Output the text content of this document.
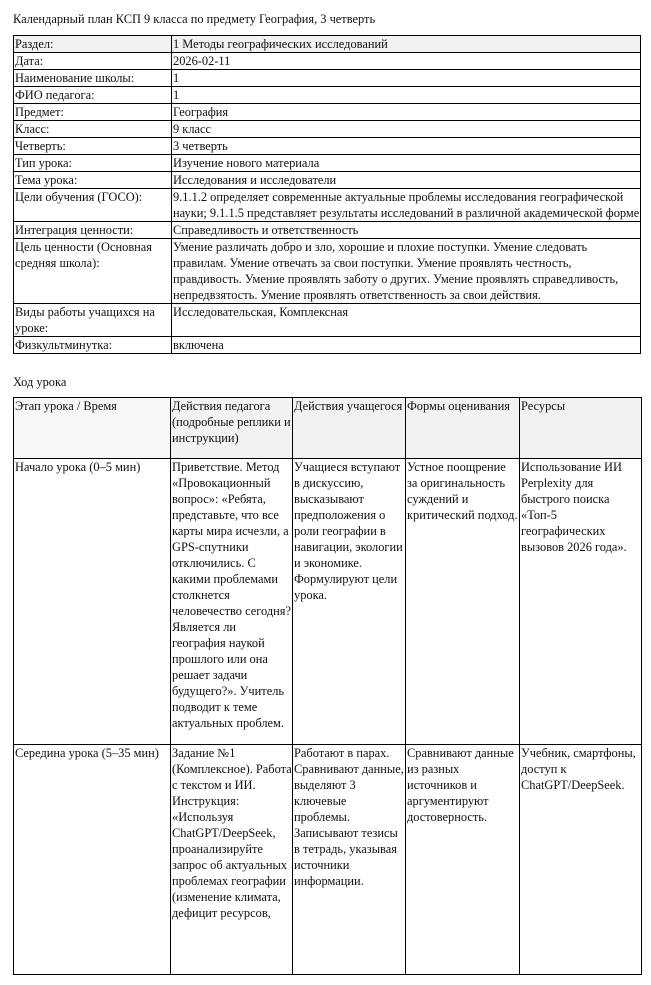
Календарный план КСП 9 класса по предмету География, 3 четверть
Раздел:	1 Методы географических исследований
Дата:	2026-02-11
Наименование школы:	1
ФИО педагога:	1
Предмет:	География
Класс:	9 класс
Четверть:	3 четверть
Тип урока:	Изучение нового материала
Тема урока:	Исследования и исследователи
Цели обучения (ГОСО):	9.1.1.2 определяет современные актуальные проблемы исследования географической науки; 9.1.1.5 представляет результаты исследований в различной академической форме
Интеграция ценности:	Справедливость и ответственность
Цель ценности (Основная средняя школа):	Умение различать добро и зло, хорошие и плохие поступки. Умение следовать правилам. Умение отвечать за свои поступки. Умение проявлять честность, правдивость. Умение проявлять заботу о других. Умение проявлять справедливость, непредвзятость. Умение проявлять ответственность за свои действия.
Виды работы учащихся на уроке:	Исследовательская, Комплексная
Физкультминутка:	включена
Ход урока
Этап урока / Время	Действия педагога (подробные реплики и инструкции)	Действия учащегося	Формы оценивания	Ресурсы
Начало урока (0–5 мин)	Приветствие. Метод «Провокационный вопрос»: «Ребята, представьте, что все карты мира исчезли, а GPS-спутники отключились. С какими проблемами столкнется человечество сегодня? Является ли география наукой прошлого или она решает задачи будущего?». Учитель подводит к теме актуальных проблем.	Учащиеся вступают в дискуссию, высказывают предположения о роли географии в навигации, экологии и экономике. Формулируют цели урока.	Устное поощрение за оригинальность суждений и критический подход.	Использование ИИ Perplexity для быстрого поиска «Топ-5 географических вызовов 2026 года».
Середина урока (5–35 мин)	Задание №1 (Комплексное). Работа с текстом и ИИ. Инструкция: «Используя ChatGPT/DeepSeek, проанализируйте запрос об актуальных проблемах географии (изменение климата, дефицит ресурсов,	Работают в парах. Сравнивают данные, выделяют 3 ключевые проблемы. Записывают тезисы в тетрадь, указывая источники информации.	Сравнивают данные из разных источников и аргументируют достоверность.	Учебник, смартфоны, доступ к ChatGPT/DeepSeek.
